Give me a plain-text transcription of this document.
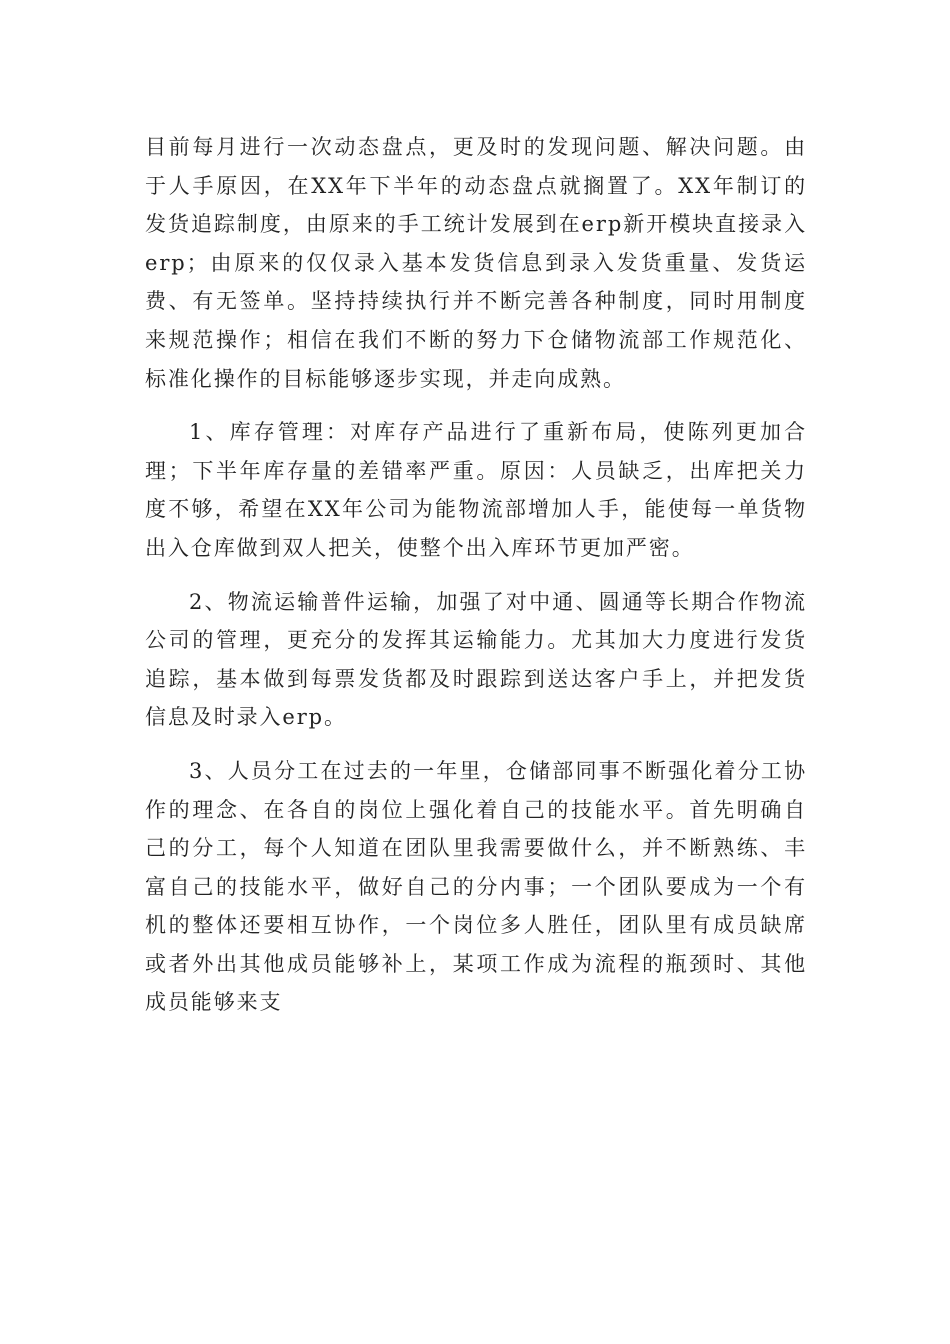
目前每月进行一次动态盘点，更及时的发现问题、解决问题。由于人手原因，在XX年下半年的动态盘点就搁置了。XX年制订的发货追踪制度，由原来的手工统计发展到在erp新开模块直接录入erp；由原来的仅仅录入基本发货信息到录入发货重量、发货运费、有无签单。坚持持续执行并不断完善各种制度，同时用制度来规范操作；相信在我们不断的努力下仓储物流部工作规范化、标准化操作的目标能够逐步实现，并走向成熟。

1、库存管理：对库存产品进行了重新布局，使陈列更加合理；下半年库存量的差错率严重。原因：人员缺乏，出库把关力度不够，希望在XX年公司为能物流部增加人手，能使每一单货物出入仓库做到双人把关，使整个出入库环节更加严密。

2、物流运输普件运输，加强了对中通、圆通等长期合作物流公司的管理，更充分的发挥其运输能力。尤其加大力度进行发货追踪，基本做到每票发货都及时跟踪到送达客户手上，并把发货信息及时录入erp。

3、人员分工在过去的一年里，仓储部同事不断强化着分工协作的理念、在各自的岗位上强化着自己的技能水平。首先明确自己的分工，每个人知道在团队里我需要做什么，并不断熟练、丰富自己的技能水平，做好自己的分内事；一个团队要成为一个有机的整体还要相互协作，一个岗位多人胜任，团队里有成员缺席或者外出其他成员能够补上，某项工作成为流程的瓶颈时、其他成员能够来支
